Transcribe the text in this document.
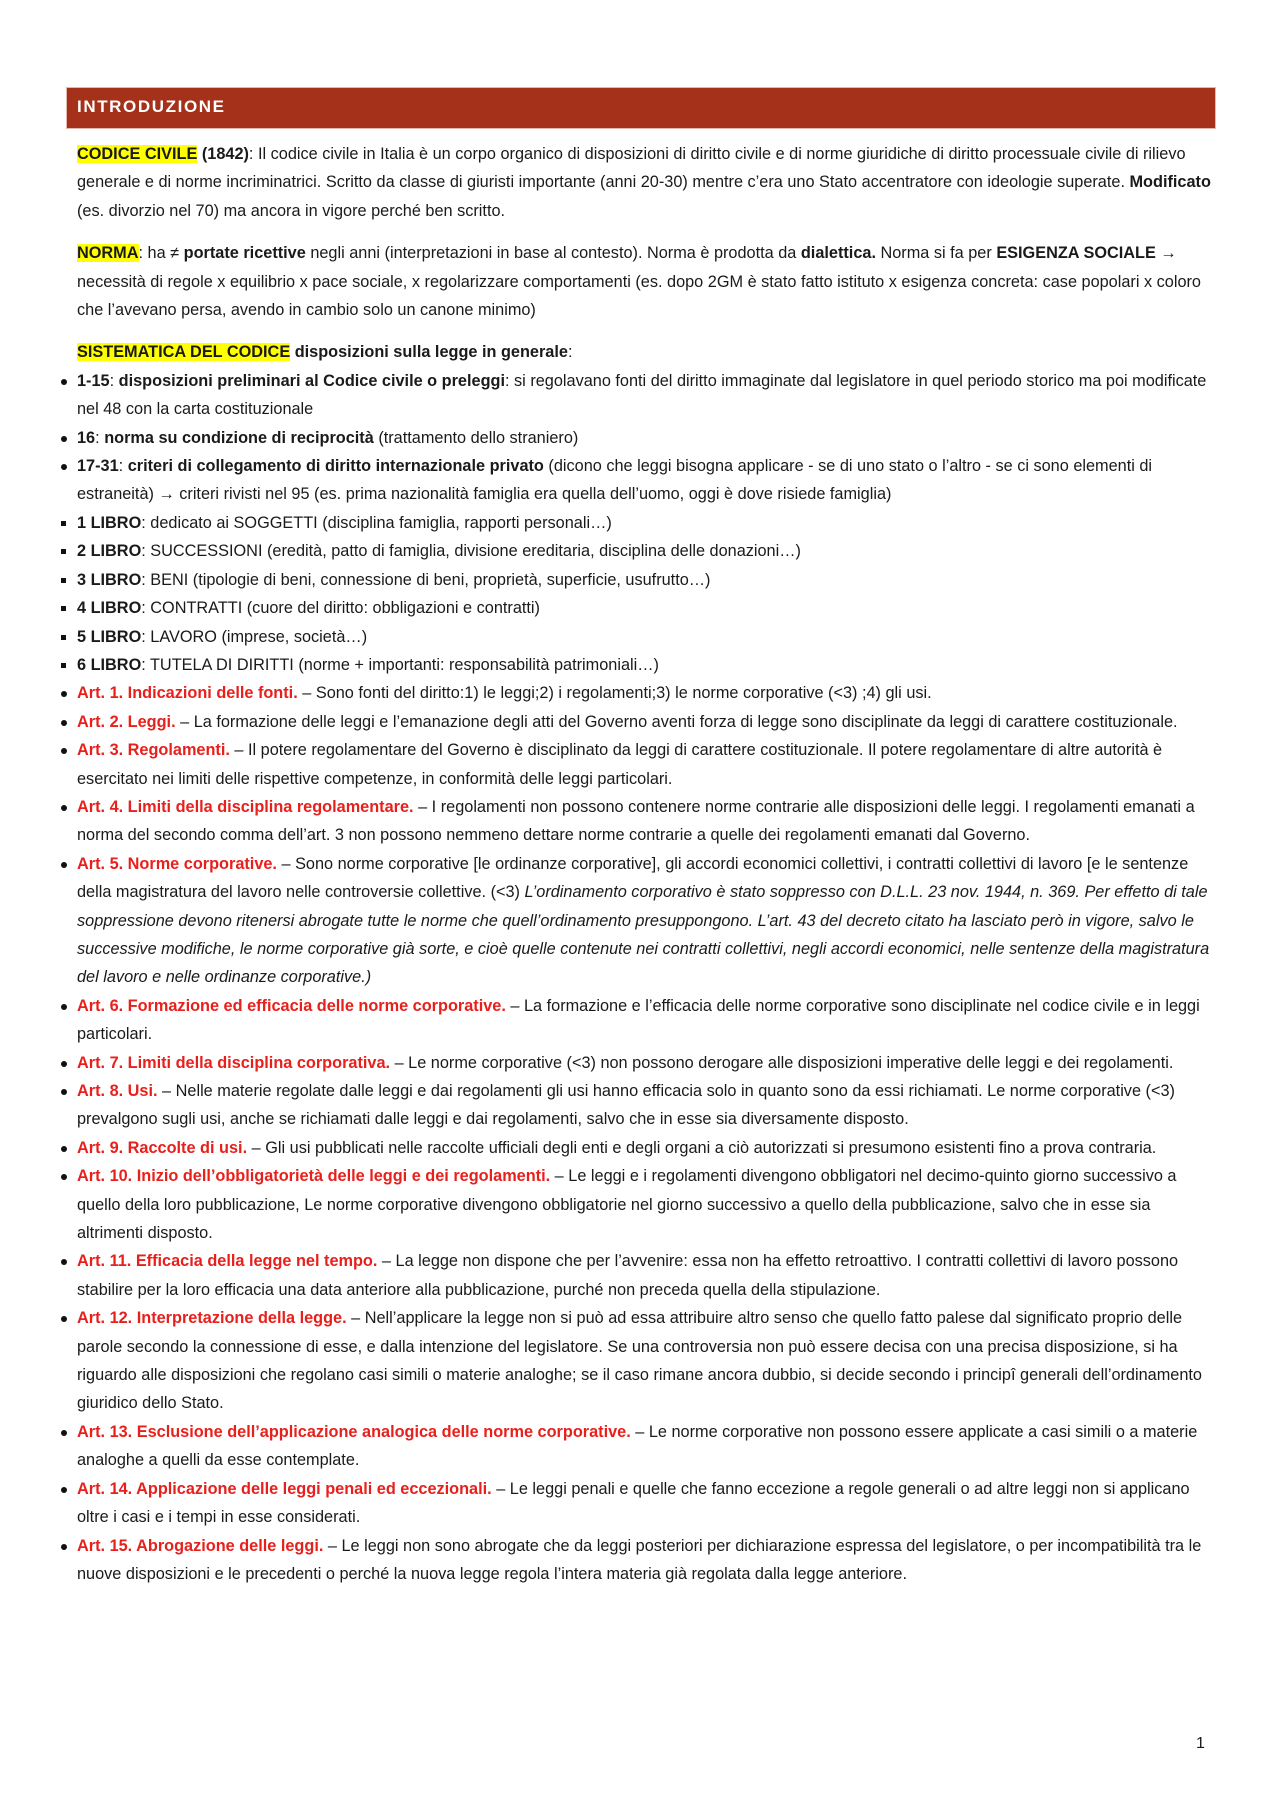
INTRODUZIONE

CODICE CIVILE (1842): Il codice civile in Italia è un corpo organico di disposizioni di diritto civile e di norme giuridiche di diritto processuale civile di rilievo generale e di norme incriminatrici. Scritto da classe di giuristi importante (anni 20-30) mentre c’era uno Stato accentratore con ideologie superate. Modificato (es. divorzio nel 70) ma ancora in vigore perché ben scritto.

NORMA: ha ≠ portate ricettive negli anni (interpretazioni in base al contesto). Norma è prodotta da dialettica. Norma si fa per ESIGENZA SOCIALE → necessità di regole x equilibrio x pace sociale, x regolarizzare comportamenti (es. dopo 2GM è stato fatto istituto x esigenza concreta: case popolari x coloro che l’avevano persa, avendo in cambio solo un canone minimo)

SISTEMATICA DEL CODICE disposizioni sulla legge in generale:

1-15: disposizioni preliminari al Codice civile o preleggi: si regolavano fonti del diritto immaginate dal legislatore in quel periodo storico ma poi modificate nel 48 con la carta costituzionale
16: norma su condizione di reciprocità (trattamento dello straniero)
17-31: criteri di collegamento di diritto internazionale privato (dicono che leggi bisogna applicare - se di uno stato o l’altro - se ci sono elementi di estraneità) → criteri rivisti nel 95 (es. prima nazionalità famiglia era quella dell’uomo, oggi è dove risiede famiglia)
1 LIBRO: dedicato ai SOGGETTI (disciplina famiglia, rapporti personali…)
2 LIBRO: SUCCESSIONI (eredità, patto di famiglia, divisione ereditaria, disciplina delle donazioni…)
3 LIBRO: BENI (tipologie di beni, connessione di beni, proprietà, superficie, usufrutto…)
4 LIBRO: CONTRATTI (cuore del diritto: obbligazioni e contratti)
5 LIBRO: LAVORO (imprese, società…)
6 LIBRO: TUTELA DI DIRITTI (norme + importanti: responsabilità patrimoniali…)
Art. 1. Indicazioni delle fonti. – Sono fonti del diritto:1) le leggi;2) i regolamenti;3) le norme corporative (<3) ;4) gli usi.
Art. 2. Leggi. – La formazione delle leggi e l’emanazione degli atti del Governo aventi forza di legge sono disciplinate da leggi di carattere costituzionale.
Art. 3. Regolamenti. – Il potere regolamentare del Governo è disciplinato da leggi di carattere costituzionale. Il potere regolamentare di altre autorità è esercitato nei limiti delle rispettive competenze, in conformità delle leggi particolari.
Art. 4. Limiti della disciplina regolamentare. – I regolamenti non possono contenere norme contrarie alle disposizioni delle leggi. I regolamenti emanati a norma del secondo comma dell’art. 3 non possono nemmeno dettare norme contrarie a quelle dei regolamenti emanati dal Governo.
Art. 5. Norme corporative. – Sono norme corporative [le ordinanze corporative], gli accordi economici collettivi, i contratti collettivi di lavoro [e le sentenze della magistratura del lavoro nelle controversie collettive. (<3) L’ordinamento corporativo è stato soppresso con D.L.L. 23 nov. 1944, n. 369. Per effetto di tale soppressione devono ritenersi abrogate tutte le norme che quell’ordinamento presuppongono. L’art. 43 del decreto citato ha lasciato però in vigore, salvo le successive modifiche, le norme corporative già sorte, e cioè quelle contenute nei contratti collettivi, negli accordi economici, nelle sentenze della magistratura del lavoro e nelle ordinanze corporative.)
Art. 6. Formazione ed efficacia delle norme corporative. – La formazione e l’efficacia delle norme corporative sono disciplinate nel codice civile e in leggi particolari.
Art. 7. Limiti della disciplina corporativa. – Le norme corporative (<3) non possono derogare alle disposizioni imperative delle leggi e dei regolamenti.
Art. 8. Usi. – Nelle materie regolate dalle leggi e dai regolamenti gli usi hanno efficacia solo in quanto sono da essi richiamati. Le norme corporative (<3) prevalgono sugli usi, anche se richiamati dalle leggi e dai regolamenti, salvo che in esse sia diversamente disposto.
Art. 9. Raccolte di usi. – Gli usi pubblicati nelle raccolte ufficiali degli enti e degli organi a ciò autorizzati si presumono esistenti fino a prova contraria.
Art. 10. Inizio dell’obbligatorietà delle leggi e dei regolamenti. – Le leggi e i regolamenti divengono obbligatori nel decimo-quinto giorno successivo a quello della loro pubblicazione, Le norme corporative divengono obbligatorie nel giorno successivo a quello della pubblicazione, salvo che in esse sia altrimenti disposto.
Art. 11. Efficacia della legge nel tempo. – La legge non dispone che per l’avvenire: essa non ha effetto retroattivo. I contratti collettivi di lavoro possono stabilire per la loro efficacia una data anteriore alla pubblicazione, purché non preceda quella della stipulazione.
Art. 12. Interpretazione della legge. – Nell’applicare la legge non si può ad essa attribuire altro senso che quello fatto palese dal significato proprio delle parole secondo la connessione di esse, e dalla intenzione del legislatore. Se una controversia non può essere decisa con una precisa disposizione, si ha riguardo alle disposizioni che regolano casi simili o materie analoghe; se il caso rimane ancora dubbio, si decide secondo i principî generali dell’ordinamento giuridico dello Stato.
Art. 13. Esclusione dell’applicazione analogica delle norme corporative. – Le norme corporative non possono essere applicate a casi simili o a materie analoghe a quelli da esse contemplate.
Art. 14. Applicazione delle leggi penali ed eccezionali. – Le leggi penali e quelle che fanno eccezione a regole generali o ad altre leggi non si applicano oltre i casi e i tempi in esse considerati.
Art. 15. Abrogazione delle leggi. – Le leggi non sono abrogate che da leggi posteriori per dichiarazione espressa del legislatore, o per incompatibilità tra le nuove disposizioni e le precedenti o perché la nuova legge regola l’intera materia già regolata dalla legge anteriore.
1
